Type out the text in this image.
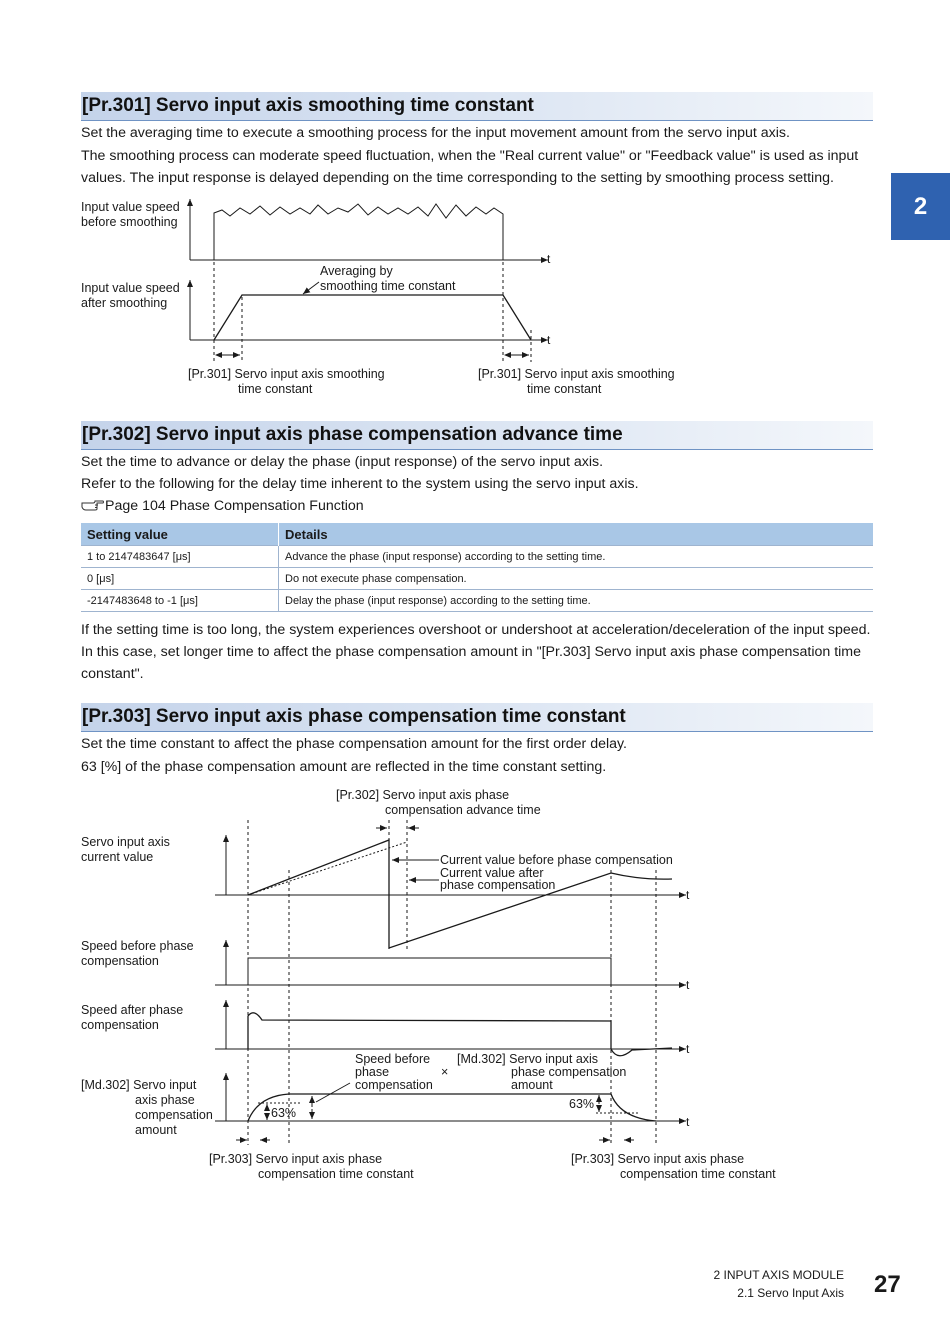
2
[Pr.301] Servo input axis smoothing time constant
Set the averaging time to execute a smoothing process for the input movement amount from the servo input axis.
The smoothing process can moderate speed fluctuation, when the "Real current value" or "Feedback value" is used as input
values. The input response is delayed depending on the time corresponding to the setting by smoothing process setting.
Input value speed
before smoothing
t
Input value speed
after smoothing
t
Averaging by
smoothing time constant
[Pr.301] Servo input axis smoothing
time constant
[Pr.301] Servo input axis smoothing
time constant
[Pr.302] Servo input axis phase compensation advance time
Set the time to advance or delay the phase (input response) of the servo input axis.
Refer to the following for the delay time inherent to the system using the servo input axis.
Page 104 Phase Compensation Function
Setting value	Details
1 to 2147483647 [μs]	Advance the phase (input response) according to the setting time.
0 [μs]	Do not execute phase compensation.
-2147483648 to -1 [μs]	Delay the phase (input response) according to the setting time.
If the setting time is too long, the system experiences overshoot or undershoot at acceleration/deceleration of the input speed.
In this case, set longer time to affect the phase compensation amount in "[Pr.303] Servo input axis phase compensation time
constant".
[Pr.303] Servo input axis phase compensation time constant
Set the time constant to affect the phase compensation amount for the first order delay.
63 [%] of the phase compensation amount are reflected in the time constant setting.
[Pr.302] Servo input axis phase
compensation advance time
Servo input axis
current value
t
Current value before phase compensation
Current value after
phase compensation
Speed before phase
compensation
t
Speed after phase
compensation
t
[Md.302] Servo input
axis phase
compensation
amount
t
63%
Speed before
phase
compensation
×
[Md.302] Servo input axis
phase compensation
amount
63%
[Pr.303] Servo input axis phase
compensation time constant
[Pr.303] Servo input axis phase
compensation time constant
2 INPUT AXIS MODULE
2.1 Servo Input Axis 27
